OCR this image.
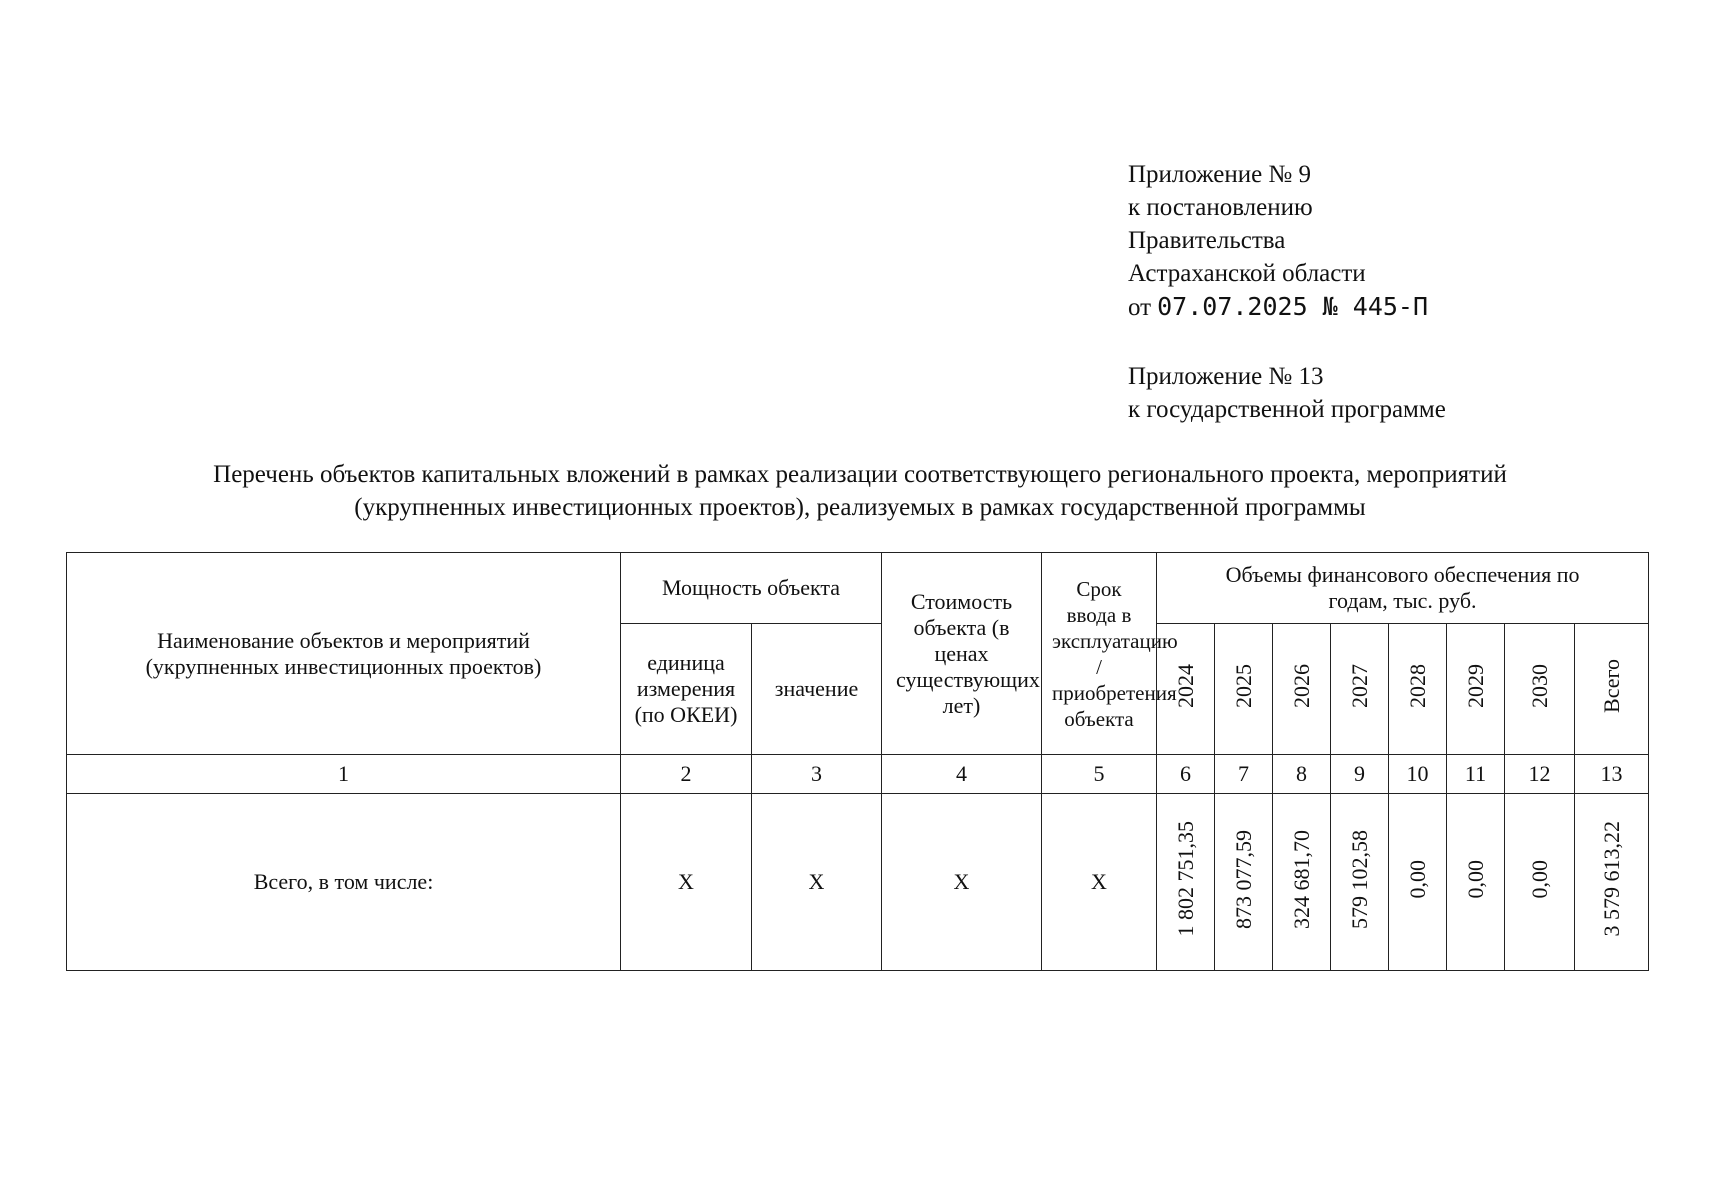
Приложение № 9
к постановлению
Правительства
Астраханской области
от 07.07.2025 № 445-П
Приложение № 13
к государственной программе
Перечень объектов капитальных вложений в рамках реализации соответствующего регионального проекта, мероприятий
(укрупненных инвестиционных проектов), реализуемых в рамках государственной программы
Наименование объектов и мероприятий (укрупненных инвестиционных проектов)	Мощность объекта		Стоимость объекта (в ценах существующих лет)	Срок ввода в эксплуатацию / приобретения объекта	Объемы финансового обеспечения по годам, тыс. руб.							
	единица измерения (по ОКЕИ)	значение			2024	2025	2026	2027	2028	2029	2030	Всего
1	2	3	4	5	6	7	8	9	10	11	12	13
Всего, в том числе:	Х	Х	Х	Х	1 802 751,35	873 077,59	324 681,70	579 102,58	0,00	0,00	0,00	3 579 613,22
